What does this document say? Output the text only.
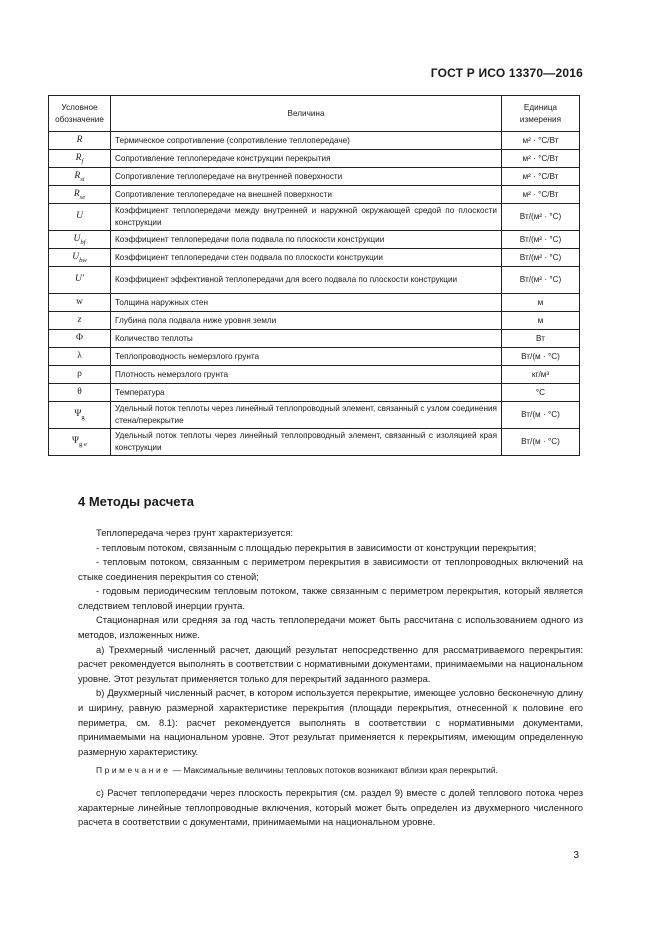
ГОСТ Р ИСО 13370—2016
Условное обозначение	Величина	Единица измерения
R	Термическое сопротивление (сопротивление теплопередаче)	м² · °С/Вт
$R_f$	Сопротивление теплопередаче конструкции перекрытия	м² · °С/Вт
$R_{si}$	Сопротивление теплопередаче на внутренней поверхности	м² · °С/Вт
$R_{se}$	Сопротивление теплопередаче на внешней поверхности	м² · °С/Вт
U	Коэффициент теплопередачи между внутренней и наружной окружающей средой по плоскости конструкции	Вт/(м² · °С)
$U_{bf}$	Коэффициент теплопередачи пола подвала по плоскости конструкции	Вт/(м² · °С)
$U_{bw}$	Коэффициент теплопередачи стен подвала по плоскости конструкции	Вт/(м² · °С)
U′	Коэффициент эффективной теплопередачи для всего подвала по плоскости конструкции	Вт/(м² · °С)
w	Толщина наружных стен	м
z	Глубина пола подвала ниже уровня земли	м
Φ	Количество теплоты	Вт
λ	Теплопроводность немерзлого грунта	Вт/(м · °С)
ρ	Плотность немерзлого грунта	кг/м³
θ	Температура	°С
$\Psi_g$	Удельный поток теплоты через линейный теплопроводный элемент, связанный с узлом соединения стена/перекрытие	Вт/(м · °С)
$\Psi_{g e}$	Удельный поток теплоты через линейный теплопроводный элемент, связанный с изоляцией края конструкции	Вт/(м · °С)
4 Методы расчета

Теплопередача через грунт характеризуется:

- тепловым потоком, связанным с площадью перекрытия в зависимости от конструкции перекрытия;

- тепловым потоком, связанным с периметром перекрытия в зависимости от теплопроводных включений на стыке соединения перекрытия со стеной;

- годовым периодическим тепловым потоком, также связанным с периметром перекрытия, который является следствием тепловой инерции грунта.

Стационарная или средняя за год часть теплопередачи может быть рассчитана с использованием одного из методов, изложенных ниже.

a) Трехмерный численный расчет, дающий результат непосредственно для рассматриваемого перекрытия: расчет рекомендуется выполнять в соответствии с нормативными документами, принимаемыми на национальном уровне. Этот результат применяется только для перекрытий заданного размера.

b) Двухмерный численный расчет, в котором используется перекрытие, имеющее условно бесконечную длину и ширину, равную размерной характеристике перекрытия (площади перекрытия, отнесенной к половине его периметра, см. 8.1): расчет рекомендуется выполнять в соответствии с нормативными документами, принимаемыми на национальном уровне. Этот результат применяется к перекрытиям, имеющим определенную размерную характеристику.

Примечание — Максимальные величины тепловых потоков возникают вблизи края перекрытий.

c) Расчет теплопередачи через плоскость перекрытия (см. раздел 9) вместе с долей теплового потока через характерные линейные теплопроводные включения, который может быть определен из двухмерного численного расчета в соответствии с документами, принимаемыми на национальном уровне.

3
